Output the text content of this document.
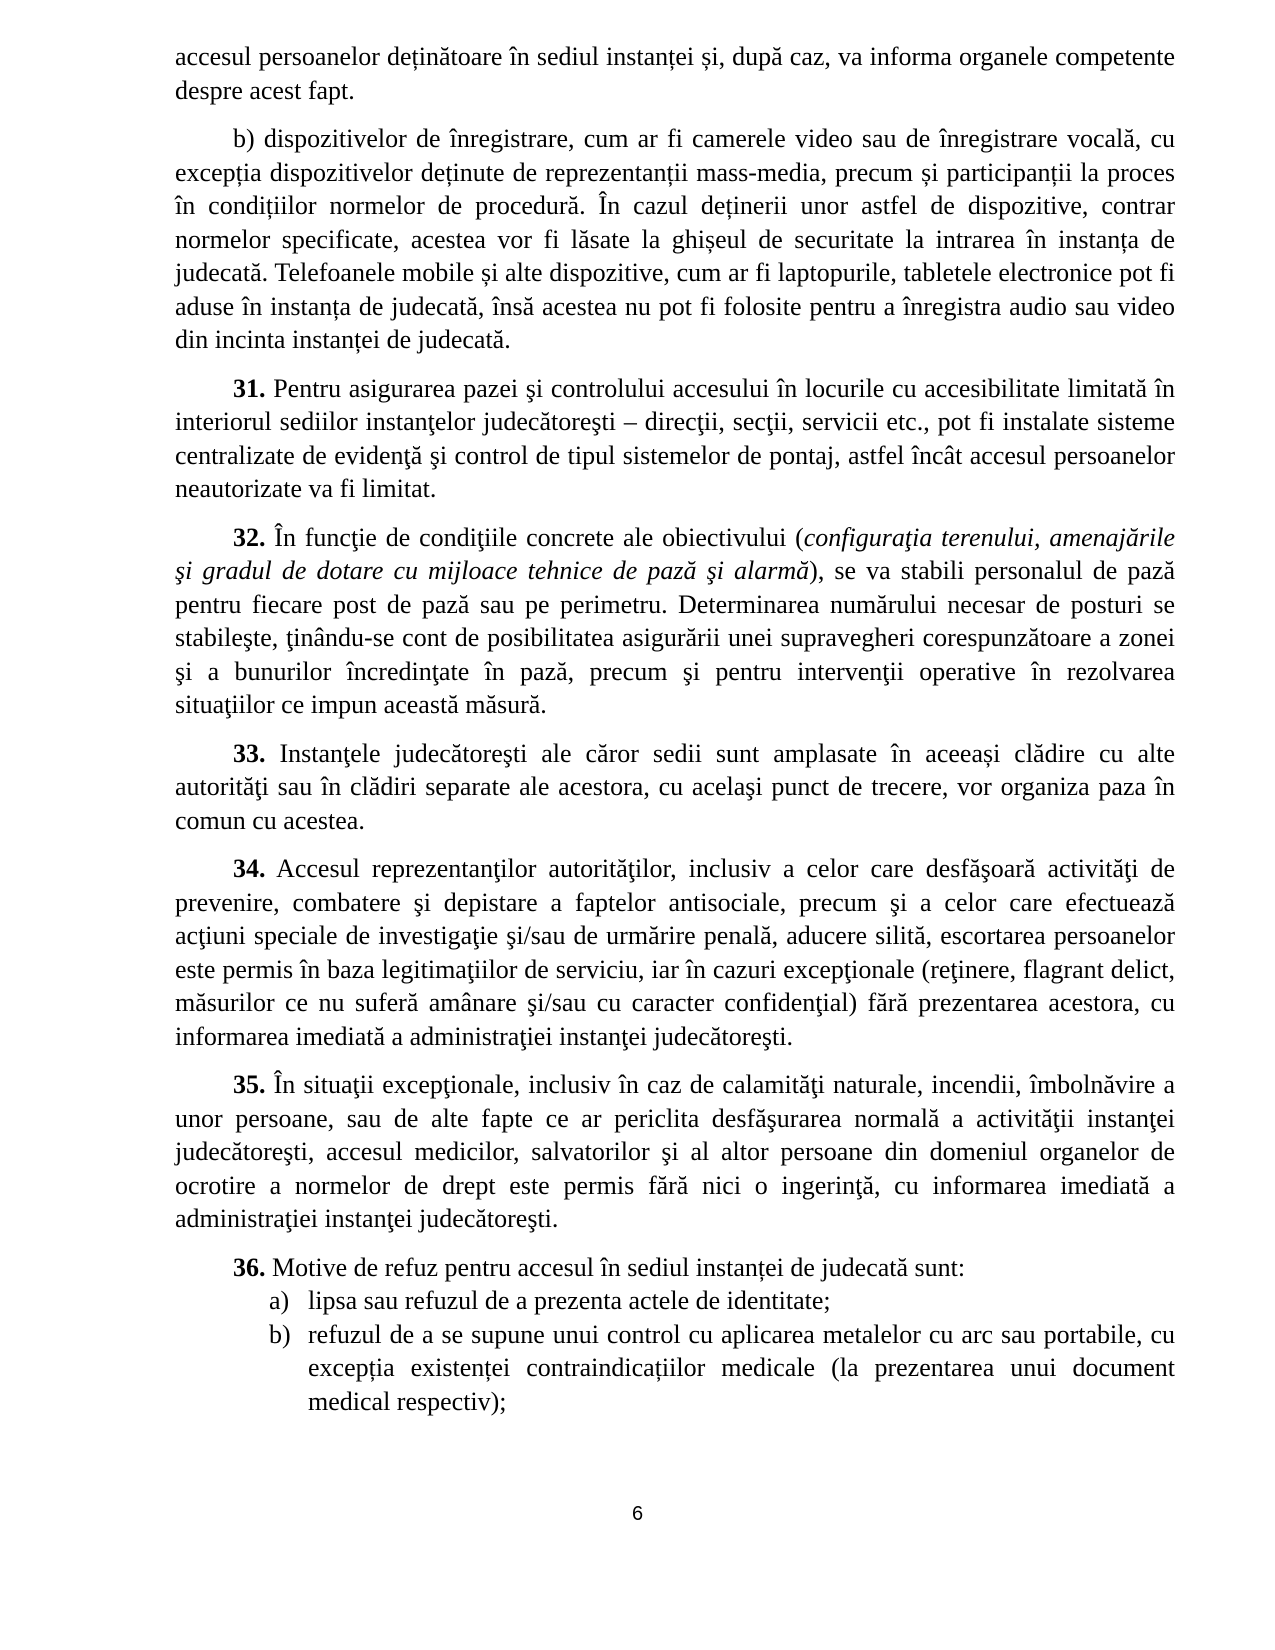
accesul persoanelor deținătoare în sediul instanței și, după caz, va informa organele competente despre acest fapt.

b) dispozitivelor de înregistrare, cum ar fi camerele video sau de înregistrare vocală, cu excepția dispozitivelor deținute de reprezentanții mass-media, precum și participanții la proces în condițiilor normelor de procedură. În cazul deținerii unor astfel de dispozitive, contrar normelor specificate, acestea vor fi lăsate la ghișeul de securitate la intrarea în instanța de judecată. Telefoanele mobile și alte dispozitive, cum ar fi laptopurile, tabletele electronice pot fi aduse în instanța de judecată, însă acestea nu pot fi folosite pentru a înregistra audio sau video din incinta instanței de judecată.

31. Pentru asigurarea pazei şi controlului accesului în locurile cu accesibilitate limitată în interiorul sediilor instanţelor judecătoreşti – direcţii, secţii, servicii etc., pot fi instalate sisteme centralizate de evidenţă şi control de tipul sistemelor de pontaj, astfel încât accesul persoanelor neautorizate va fi limitat.

32. În funcţie de condiţiile concrete ale obiectivului (configuraţia terenului, amenajările şi gradul de dotare cu mijloace tehnice de pază şi alarmă), se va stabili personalul de pază pentru fiecare post de pază sau pe perimetru. Determinarea numărului necesar de posturi se stabileşte, ţinându-se cont de posibilitatea asigurării unei supravegheri corespunzătoare a zonei şi a bunurilor încredinţate în pază, precum şi pentru intervenţii operative în rezolvarea situaţiilor ce impun această măsură.

33. Instanţele judecătoreşti ale căror sedii sunt amplasate în aceeași clădire cu alte autorităţi sau în clădiri separate ale acestora, cu acelaşi punct de trecere, vor organiza paza în comun cu acestea.

34. Accesul reprezentanţilor autorităţilor, inclusiv a celor care desfăşoară activităţi de prevenire, combatere şi depistare a faptelor antisociale, precum şi a celor care efectuează acţiuni speciale de investigaţie şi/sau de urmărire penală, aducere silită, escortarea persoanelor este permis în baza legitimaţiilor de serviciu, iar în cazuri excepţionale (reţinere, flagrant delict, măsurilor ce nu suferă amânare şi/sau cu caracter confidenţial) fără prezentarea acestora, cu informarea imediată a administraţiei instanţei judecătoreşti.

35. În situaţii excepţionale, inclusiv în caz de calamităţi naturale, incendii, îmbolnăvire a unor persoane, sau de alte fapte ce ar periclita desfăşurarea normală a activităţii instanţei judecătoreşti, accesul medicilor, salvatorilor şi al altor persoane din domeniul organelor de ocrotire a normelor de drept este permis fără nici o ingerinţă, cu informarea imediată a administraţiei instanţei judecătoreşti.

36. Motive de refuz pentru accesul în sediul instanței de judecată sunt:

a) lipsa sau refuzul de a prezenta actele de identitate;
b) refuzul de a se supune unui control cu aplicarea metalelor cu arc sau portabile, cu excepția existenței contraindicațiilor medicale (la prezentarea unui document medical respectiv);
6
